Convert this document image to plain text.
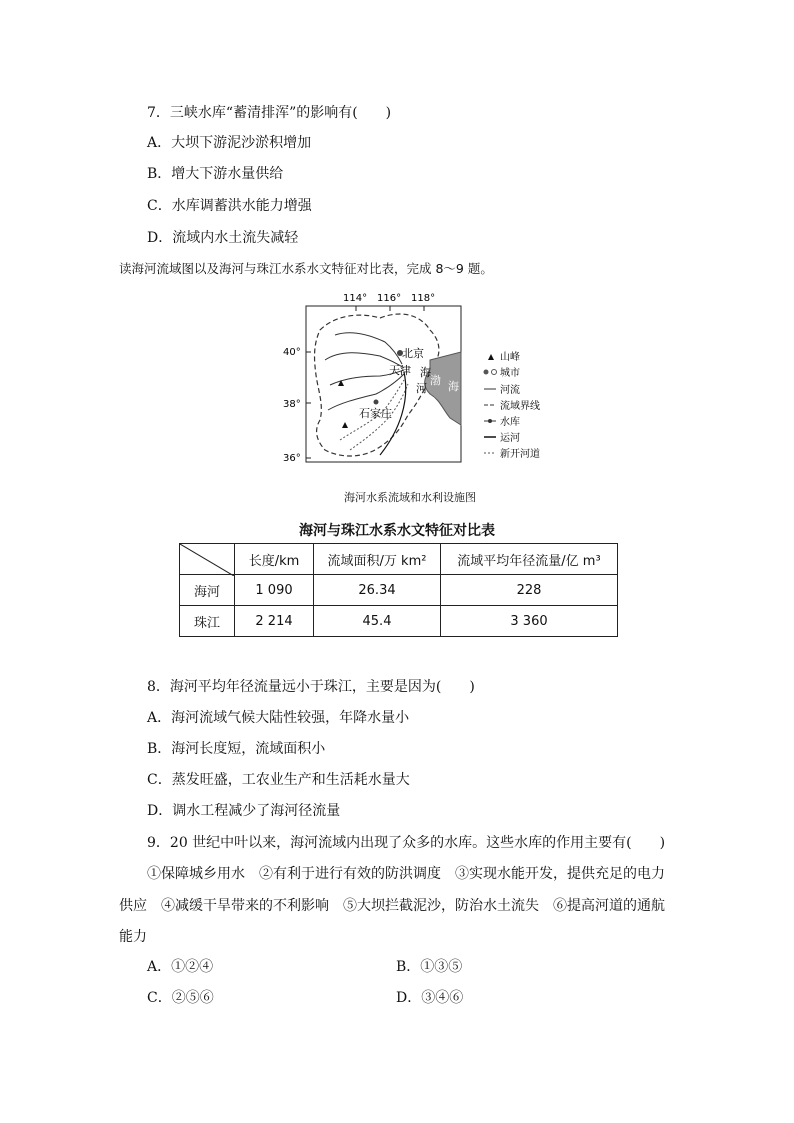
7．三峡水库“蓄清排浑”的影响有(　　)
A．大坝下游泥沙淤积增加
B．增大下游水量供给
C．水库调蓄洪水能力增强
D．流域内水土流失减轻
读海河流域图以及海河与珠江水系水文特征对比表，完成 8～9 题。
114° 116° 118°
40°
38°
36°
渤 海
北京
天津 海
河
石家庄
山峰
城市
河流
流域界线
水库
运河
新开河道
海河水系流域和水利设施图
海河与珠江水系水文特征对比表
	长度/km	流域面积/万 km²	流域平均年径流量/亿 m³
海河	1 090	26.34	228
珠江	2 214	45.4	3 360
8．海河平均年径流量远小于珠江，主要是因为(　　)
A．海河流域气候大陆性较强，年降水量小
B．海河长度短，流域面积小
C．蒸发旺盛，工农业生产和生活耗水量大
D．调水工程减少了海河径流量
9．20 世纪中叶以来，海河流域内出现了众多的水库。这些水库的作用主要有(　　)
①保障城乡用水　②有利于进行有效的防洪调度　③实现水能开发，提供充足的电力
供应　④减缓干旱带来的不利影响　⑤大坝拦截泥沙，防治水土流失　⑥提高河道的通航
能力
A．①②④	B．①③⑤
C．②⑤⑥	D．③④⑥
